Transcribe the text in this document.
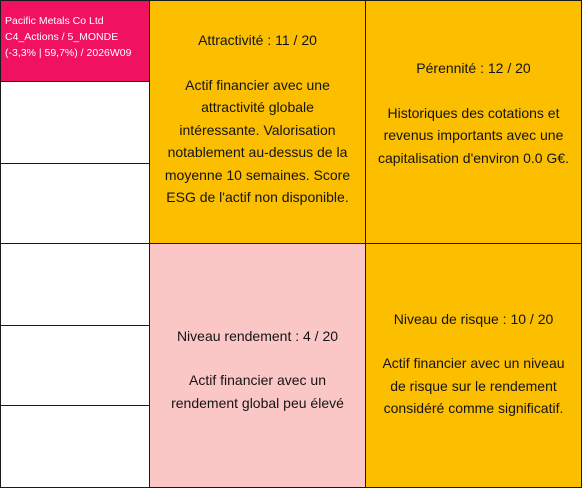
Pacific Metals Co Ltd
C4_Actions / 5_MONDE
(-3,3% | 59,7%) / 2026W09
Attractivité : 11 / 20
Actif financier avec une attractivité globale intéressante. Valorisation notablement au-dessus de la moyenne 10 semaines. Score ESG de l'actif non disponible.
Pérennité : 12 / 20
Historiques des cotations et revenus importants avec une capitalisation d'environ 0.0 G€.
Niveau rendement : 4 / 20
Actif financier avec un rendement global peu élevé
Niveau de risque : 10 / 20
Actif financier avec un niveau de risque sur le rendement considéré comme significatif.
